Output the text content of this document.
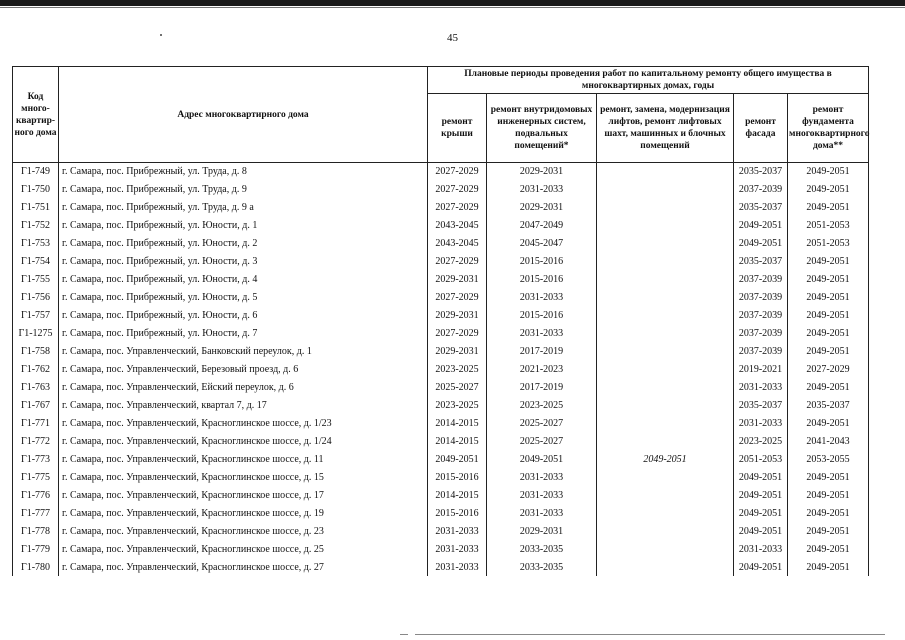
45
Код много-квартир-ного дома	Адрес многоквартирного дома	Плановые периоды проведения работ по капитальному ремонту общего имущества в многоквартирных домах, годы				
		ремонт крыши	ремонт внутридомовых инженерных систем, подвальных помещений*	ремонт, замена, модернизация лифтов, ремонт лифтовых шахт, машинных и блочных помещений	ремонт фасада	ремонт фундамента многоквартирного дома**
Г1-749	г. Самара, пос. Прибрежный, ул. Труда, д. 8	2027-2029	2029-2031		2035-2037	2049-2051
Г1-750	г. Самара, пос. Прибрежный, ул. Труда, д. 9	2027-2029	2031-2033		2037-2039	2049-2051
Г1-751	г. Самара, пос. Прибрежный, ул. Труда, д. 9 а	2027-2029	2029-2031		2035-2037	2049-2051
Г1-752	г. Самара, пос. Прибрежный, ул. Юности, д. 1	2043-2045	2047-2049		2049-2051	2051-2053
Г1-753	г. Самара, пос. Прибрежный, ул. Юности, д. 2	2043-2045	2045-2047		2049-2051	2051-2053
Г1-754	г. Самара, пос. Прибрежный, ул. Юности, д. 3	2027-2029	2015-2016		2035-2037	2049-2051
Г1-755	г. Самара, пос. Прибрежный, ул. Юности, д. 4	2029-2031	2015-2016		2037-2039	2049-2051
Г1-756	г. Самара, пос. Прибрежный, ул. Юности, д. 5	2027-2029	2031-2033		2037-2039	2049-2051
Г1-757	г. Самара, пос. Прибрежный, ул. Юности, д. 6	2029-2031	2015-2016		2037-2039	2049-2051
Г1-1275	г. Самара, пос. Прибрежный, ул. Юности, д. 7	2027-2029	2031-2033		2037-2039	2049-2051
Г1-758	г. Самара, пос. Управленческий, Банковский переулок, д. 1	2029-2031	2017-2019		2037-2039	2049-2051
Г1-762	г. Самара, пос. Управленческий, Березовый проезд, д. 6	2023-2025	2021-2023		2019-2021	2027-2029
Г1-763	г. Самара, пос. Управленческий, Ейский переулок, д. 6	2025-2027	2017-2019		2031-2033	2049-2051
Г1-767	г. Самара, пос. Управленческий, квартал 7, д. 17	2023-2025	2023-2025		2035-2037	2035-2037
Г1-771	г. Самара, пос. Управленческий, Красноглинское шоссе, д. 1/23	2014-2015	2025-2027		2031-2033	2049-2051
Г1-772	г. Самара, пос. Управленческий, Красноглинское шоссе, д. 1/24	2014-2015	2025-2027		2023-2025	2041-2043
Г1-773	г. Самара, пос. Управленческий, Красноглинское шоссе, д. 11	2049-2051	2049-2051	2049-2051	2051-2053	2053-2055
Г1-775	г. Самара, пос. Управленческий, Красноглинское шоссе, д. 15	2015-2016	2031-2033		2049-2051	2049-2051
Г1-776	г. Самара, пос. Управленческий, Красноглинское шоссе, д. 17	2014-2015	2031-2033		2049-2051	2049-2051
Г1-777	г. Самара, пос. Управленческий, Красноглинское шоссе, д. 19	2015-2016	2031-2033		2049-2051	2049-2051
Г1-778	г. Самара, пос. Управленческий, Красноглинское шоссе, д. 23	2031-2033	2029-2031		2049-2051	2049-2051
Г1-779	г. Самара, пос. Управленческий, Красноглинское шоссе, д. 25	2031-2033	2033-2035		2031-2033	2049-2051
Г1-780	г. Самара, пос. Управленческий, Красноглинское шоссе, д. 27	2031-2033	2033-2035		2049-2051	2049-2051
